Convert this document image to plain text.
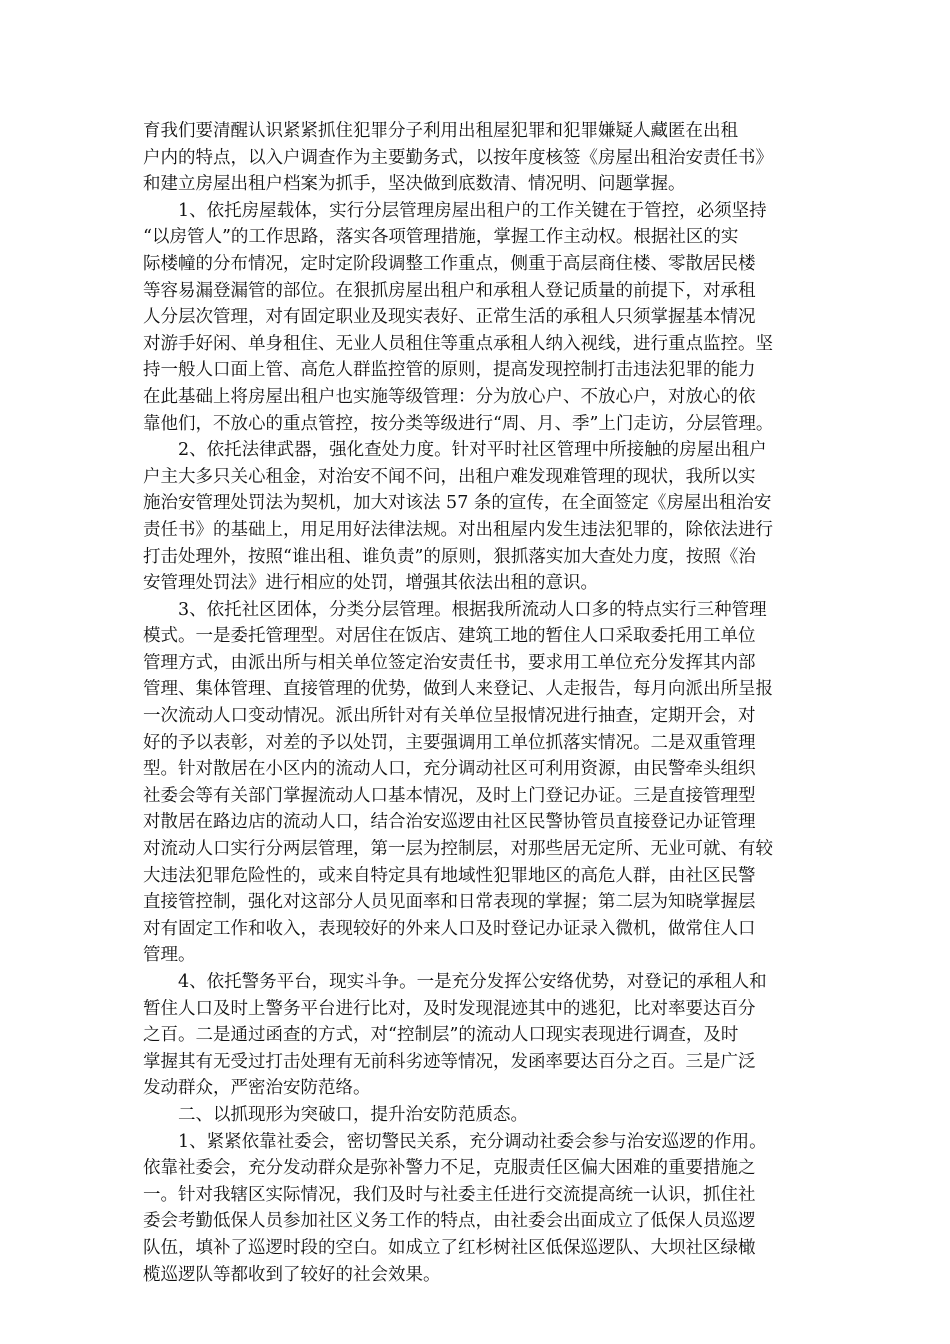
育我们要清醒认识紧紧抓住犯罪分子利用出租屋犯罪和犯罪嫌疑人藏匿在出租
户内的特点，以入户调查作为主要勤务式，以按年度核签《房屋出租治安责任书》
和建立房屋出租户档案为抓手，坚决做到底数清、情况明、问题掌握。
1、依托房屋载体，实行分层管理房屋出租户的工作关键在于管控，必须坚持
“以房管人”的工作思路，落实各项管理措施，掌握工作主动权。根据社区的实
际楼幢的分布情况，定时定阶段调整工作重点，侧重于高层商住楼、零散居民楼
等容易漏登漏管的部位。在狠抓房屋出租户和承租人登记质量的前提下，对承租
人分层次管理，对有固定职业及现实表好、正常生活的承租人只须掌握基本情况
对游手好闲、单身租住、无业人员租住等重点承租人纳入视线，进行重点监控。坚
持一般人口面上管、高危人群监控管的原则，提高发现控制打击违法犯罪的能力
在此基础上将房屋出租户也实施等级管理：分为放心户、不放心户，对放心的依
靠他们，不放心的重点管控，按分类等级进行“周、月、季”上门走访，分层管理。
2、依托法律武器，强化查处力度。针对平时社区管理中所接触的房屋出租户
户主大多只关心租金，对治安不闻不问，出租户难发现难管理的现状，我所以实
施治安管理处罚法为契机，加大对该法 57 条的宣传，在全面签定《房屋出租治安
责任书》的基础上，用足用好法律法规。对出租屋内发生违法犯罪的，除依法进行
打击处理外，按照“谁出租、谁负责”的原则，狠抓落实加大查处力度，按照《治
安管理处罚法》进行相应的处罚，增强其依法出租的意识。
3、依托社区团体，分类分层管理。根据我所流动人口多的特点实行三种管理
模式。一是委托管理型。对居住在饭店、建筑工地的暂住人口采取委托用工单位
管理方式，由派出所与相关单位签定治安责任书，要求用工单位充分发挥其内部
管理、集体管理、直接管理的优势，做到人来登记、人走报告，每月向派出所呈报
一次流动人口变动情况。派出所针对有关单位呈报情况进行抽查，定期开会，对
好的予以表彰，对差的予以处罚，主要强调用工单位抓落实情况。二是双重管理
型。针对散居在小区内的流动人口，充分调动社区可利用资源，由民警牵头组织
社委会等有关部门掌握流动人口基本情况，及时上门登记办证。三是直接管理型
对散居在路边店的流动人口，结合治安巡逻由社区民警协管员直接登记办证管理
对流动人口实行分两层管理，第一层为控制层，对那些居无定所、无业可就、有较
大违法犯罪危险性的，或来自特定具有地域性犯罪地区的高危人群，由社区民警
直接管控制，强化对这部分人员见面率和日常表现的掌握；第二层为知晓掌握层
对有固定工作和收入，表现较好的外来人口及时登记办证录入微机，做常住人口
管理。
4、依托警务平台，现实斗争。一是充分发挥公安络优势，对登记的承租人和
暂住人口及时上警务平台进行比对，及时发现混迹其中的逃犯，比对率要达百分
之百。二是通过函查的方式，对“控制层”的流动人口现实表现进行调查，及时
掌握其有无受过打击处理有无前科劣迹等情况，发函率要达百分之百。三是广泛
发动群众，严密治安防范络。
二、以抓现形为突破口，提升治安防范质态。
1、紧紧依靠社委会，密切警民关系，充分调动社委会参与治安巡逻的作用。
依靠社委会，充分发动群众是弥补警力不足，克服责任区偏大困难的重要措施之
一。针对我辖区实际情况，我们及时与社委主任进行交流提高统一认识，抓住社
委会考勤低保人员参加社区义务工作的特点，由社委会出面成立了低保人员巡逻
队伍，填补了巡逻时段的空白。如成立了红杉树社区低保巡逻队、大坝社区绿橄
榄巡逻队等都收到了较好的社会效果。
